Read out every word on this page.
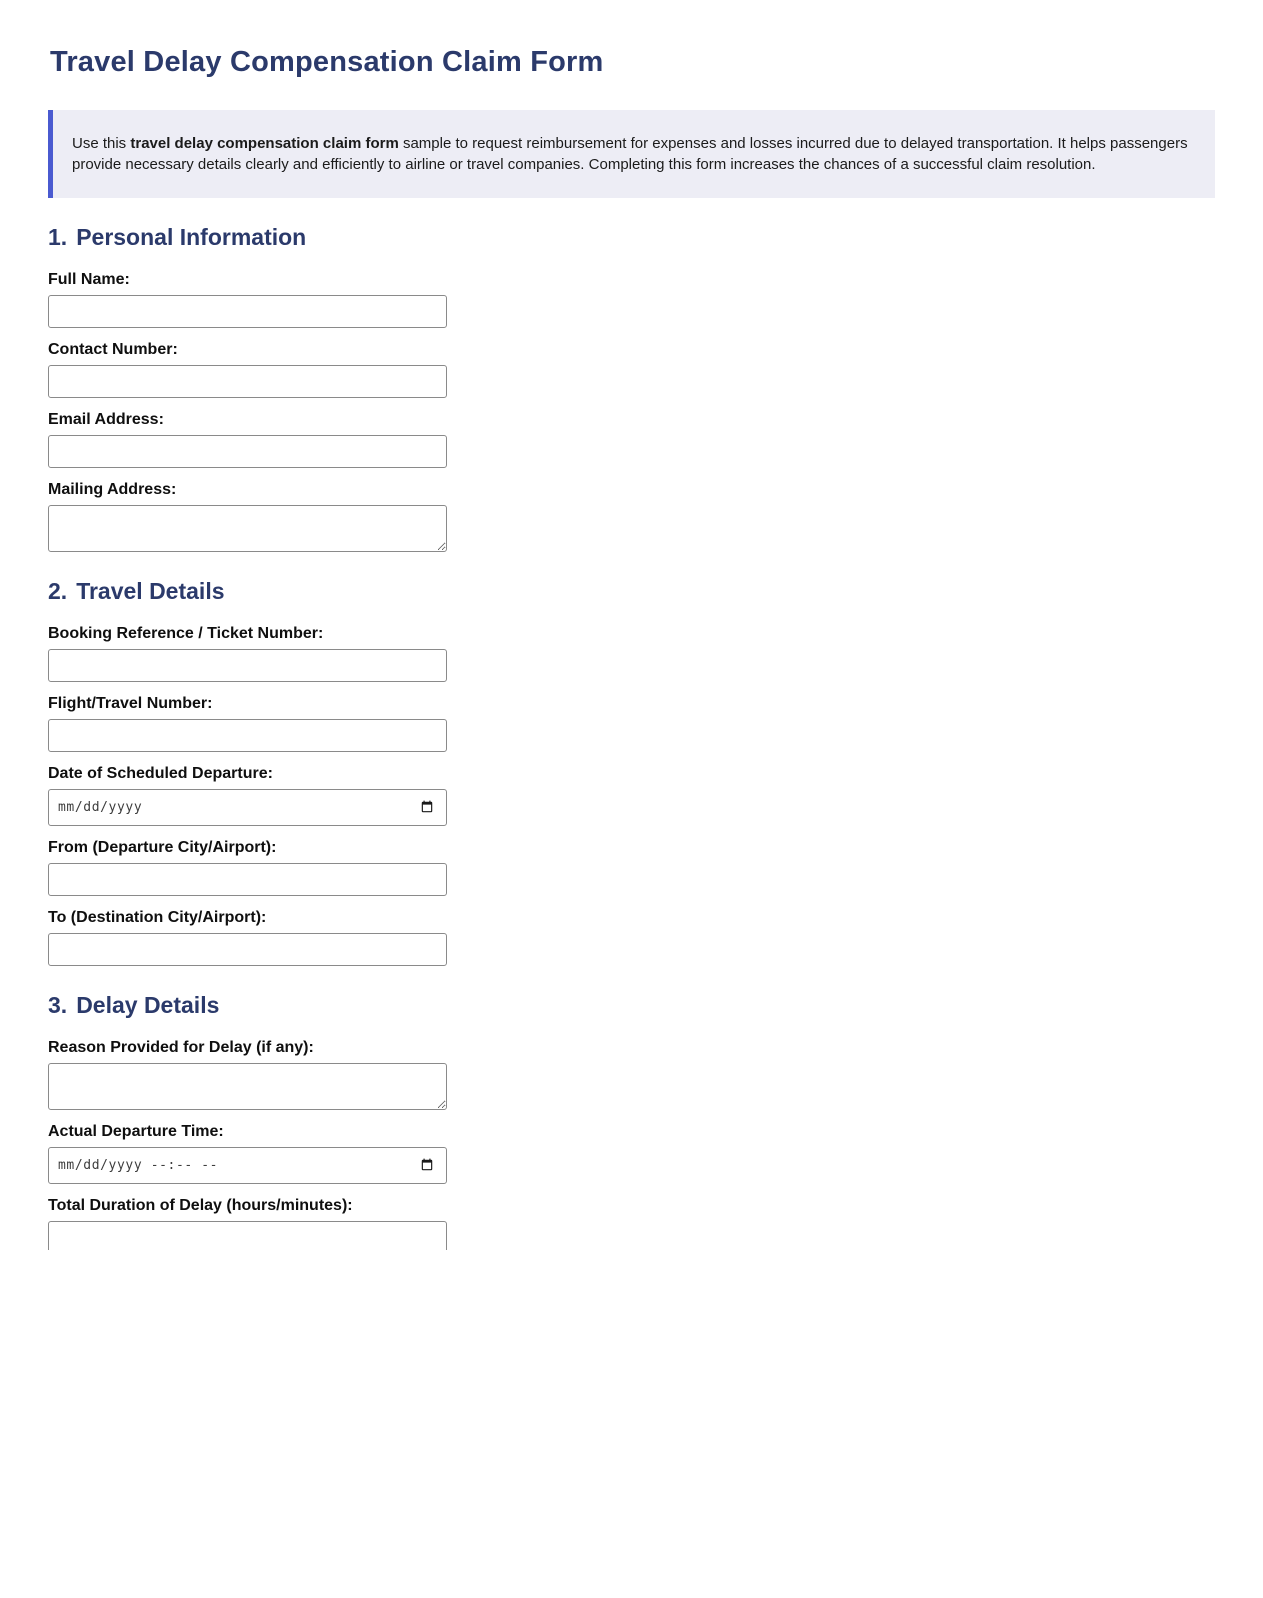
Travel Delay Compensation Claim Form

Use this travel delay compensation claim form sample to request reimbursement for expenses and losses incurred due to delayed transportation. It helps passengers provide necessary details clearly and efficiently to airline or travel companies. Completing this form increases the chances of a successful claim resolution.

1. Personal Information
Full Name:
Contact Number:
Email Address:
Mailing Address:
2. Travel Details
Booking Reference / Ticket Number:
Flight/Travel Number:
Date of Scheduled Departure:
mm/dd/yyyy
From (Departure City/Airport):
To (Destination City/Airport):
3. Delay Details
Reason Provided for Delay (if any):
Actual Departure Time:
mm/dd/yyyy --:-- --
Total Duration of Delay (hours/minutes):
